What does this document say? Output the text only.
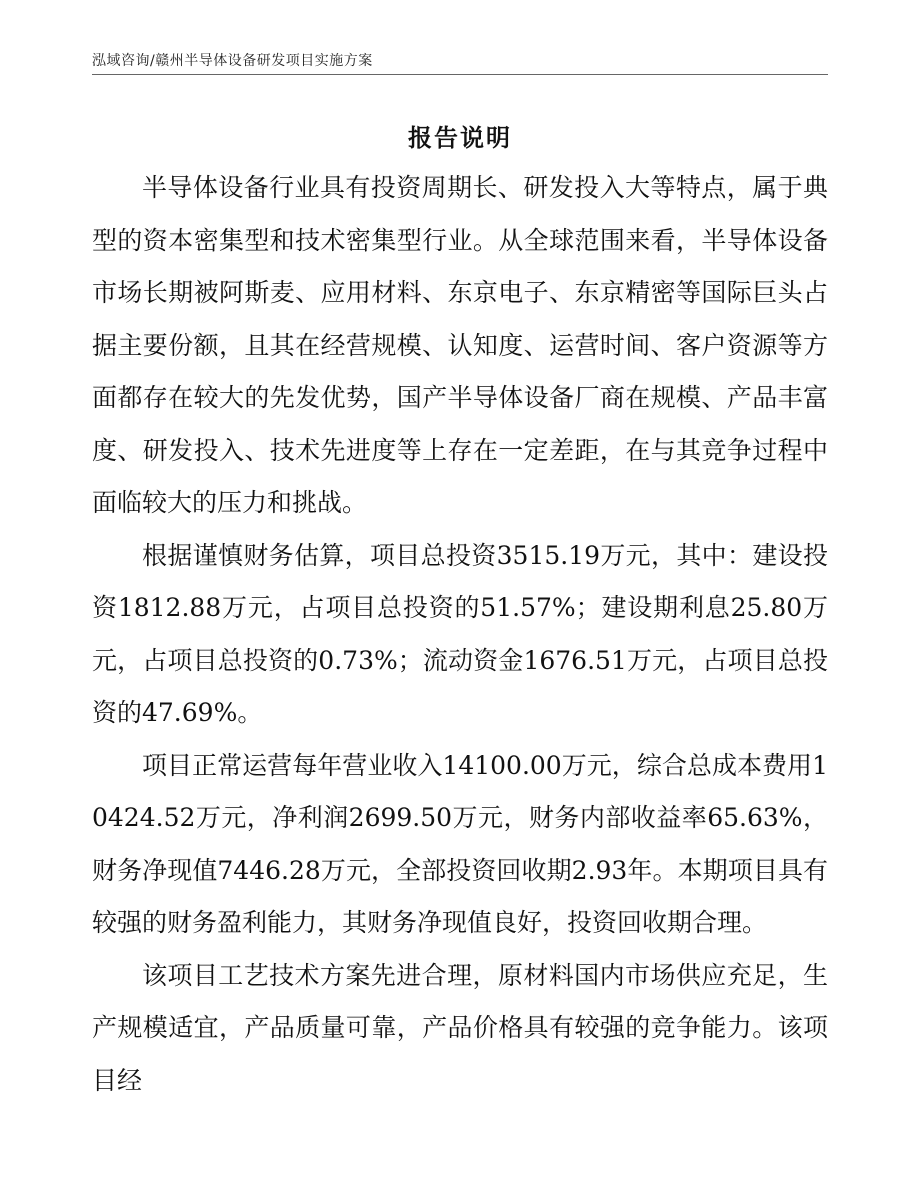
泓域咨询/赣州半导体设备研发项目实施方案
报告说明

半导体设备行业具有投资周期长、研发投入大等特点，属于典型的资本密集型和技术密集型行业。从全球范围来看，半导体设备市场长期被阿斯麦、应用材料、东京电子、东京精密等国际巨头占据主要份额，且其在经营规模、认知度、运营时间、客户资源等方面都存在较大的先发优势，国产半导体设备厂商在规模、产品丰富度、研发投入、技术先进度等上存在一定差距，在与其竞争过程中面临较大的压力和挑战。

根据谨慎财务估算，项目总投资3515.19万元，其中：建设投资1812.88万元，占项目总投资的51.57%；建设期利息25.80万元，占项目总投资的0.73%；流动资金1676.51万元，占项目总投资的47.69%。

项目正常运营每年营业收入14100.00万元，综合总成本费用10424.52万元，净利润2699.50万元，财务内部收益率65.63%，财务净现值7446.28万元，全部投资回收期2.93年。本期项目具有较强的财务盈利能力，其财务净现值良好，投资回收期合理。

该项目工艺技术方案先进合理，原材料国内市场供应充足，生产规模适宜，产品质量可靠，产品价格具有较强的竞争能力。该项目经
